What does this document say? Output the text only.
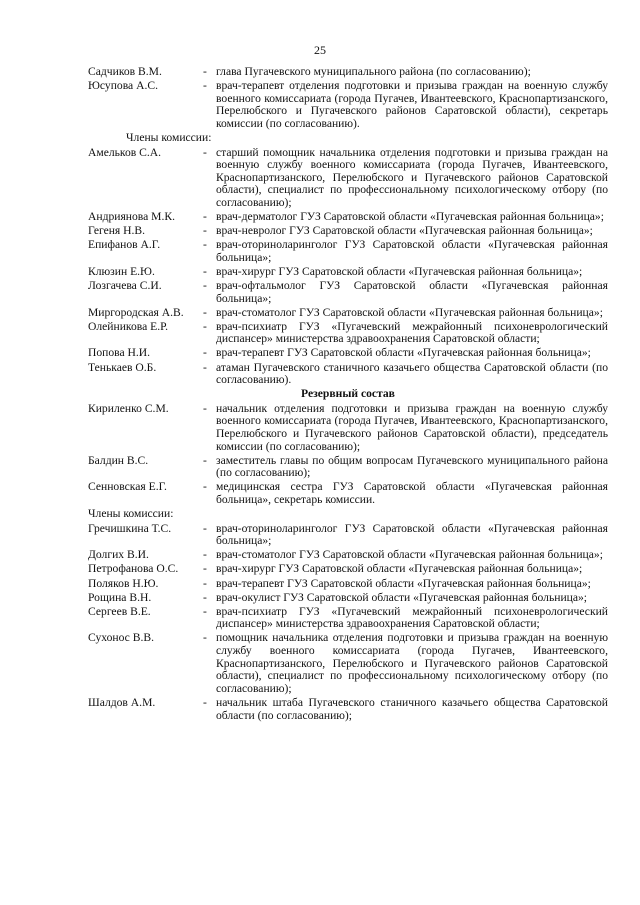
25
Садчиков В.М.	- глава Пугачевского муниципального района (по согласованию);
Юсупова А.С.	- врач-терапевт отделения подготовки и призыва граждан на военную службу военного комиссариата (города Пугачев, Ивантеевского, Краснопартизанского, Перелюбского и Пугачевского районов Саратовской области), секретарь комиссии (по согласованию).
Члены комиссии:
Амельков С.А.	- старший помощник начальника отделения подготовки и призыва граждан на военную службу военного комиссариата (города Пугачев, Ивантеевского, Краснопартизанского, Перелюбского и Пугачевского районов Саратовской области), специалист по профессиональному психологическому отбору (по согласованию);
Андриянова М.К.	- врач-дерматолог ГУЗ Саратовской области «Пугачевская районная больница»;
Гегеня Н.В.	- врач-невролог ГУЗ Саратовской области «Пугачевская районная больница»;
Епифанов А.Г.	- врач-оториноларинголог ГУЗ Саратовской области «Пугачевская районная больница»;
Клюзин Е.Ю.	- врач-хирург ГУЗ Саратовской области «Пугачевская районная больница»;
Лозгачева С.И.	- врач-офтальмолог ГУЗ Саратовской области «Пугачевская районная больница»;
Миргородская А.В.	- врач-стоматолог ГУЗ Саратовской области «Пугачевская районная больница»;
Олейникова Е.Р.	- врач-психиатр ГУЗ «Пугачевский межрайонный психоневрологический диспансер» министерства здравоохранения Саратовской области;
Попова Н.И.	- врач-терапевт ГУЗ Саратовской области «Пугачевская районная больница»;
Тенькаев О.Б.	- атаман Пугачевского станичного казачьего общества Саратовской области (по согласованию).
Резервный состав
Кириленко С.М.	- начальник отделения подготовки и призыва граждан на военную службу военного комиссариата (города Пугачев, Ивантеевского, Краснопартизанского, Перелюбского и Пугачевского районов Саратовской области), председатель комиссии (по согласованию);
Балдин В.С.	- заместитель главы по общим вопросам Пугачевского муниципального района (по согласованию);
Сенновская Е.Г.	- медицинская сестра ГУЗ Саратовской области «Пугачевская районная больница», секретарь комиссии.
Члены комиссии:
Гречишкина Т.С.	- врач-оториноларинголог ГУЗ Саратовской области «Пугачевская районная больница»;
Долгих В.И.	- врач-стоматолог ГУЗ Саратовской области «Пугачевская районная больница»;
Петрофанова О.С.	- врач-хирург ГУЗ Саратовской области «Пугачевская районная больница»;
Поляков Н.Ю.	- врач-терапевт ГУЗ Саратовской области «Пугачевская районная больница»;
Рощина В.Н.	- врач-окулист ГУЗ Саратовской области «Пугачевская районная больница»;
Сергеев В.Е.	- врач-психиатр ГУЗ «Пугачевский межрайонный психоневрологический диспансер» министерства здравоохранения Саратовской области;
Сухонос В.В.	- помощник начальника отделения подготовки и призыва граждан на военную службу военного комиссариата (города Пугачев, Ивантеевского, Краснопартизанского, Перелюбского и Пугачевского районов Саратовской области), специалист по профессиональному психологическому отбору (по согласованию);
Шалдов А.М.	- начальник штаба Пугачевского станичного казачьего общества Саратовской области (по согласованию);
